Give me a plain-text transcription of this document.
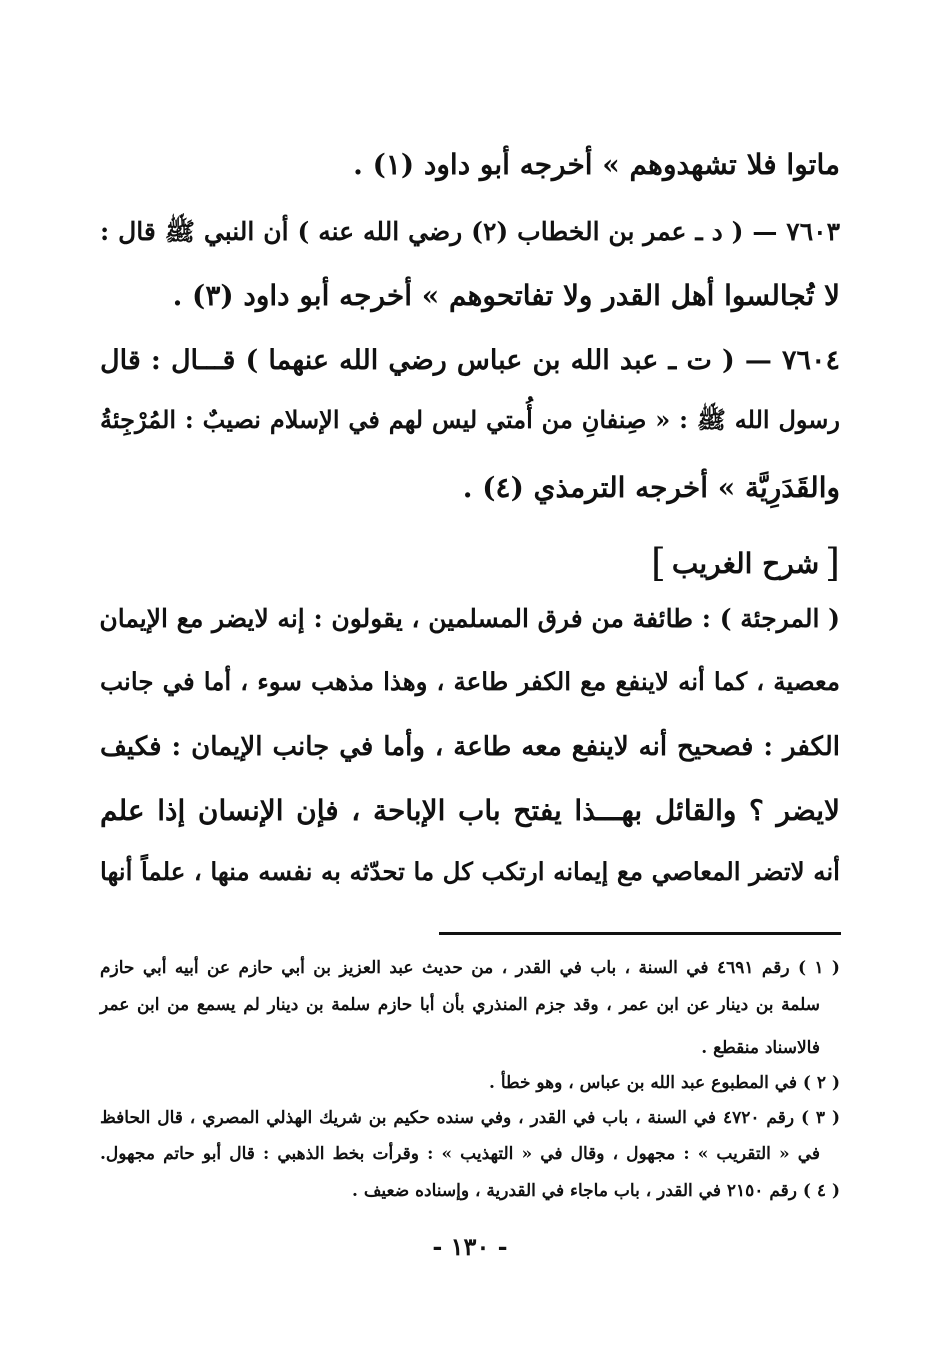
ماتوا فلا تشهدوهم » أخرجه أبو داود (١) .
٧٦٠٣ — ( د ـ عمر بن الخطاب (٢) رضي الله عنه ) أن النبي ﷺ قال :
لا تُجالسوا أهل القدر ولا تفاتحوهم » أخرجه أبو داود (٣) .
٧٦٠٤ — ( ت ـ عبد الله بن عباس رضي الله عنهما ) قـــال : قال
رسول الله ﷺ : « صِنفانِ من أُمتي ليس لهم في الإسلام نصيبٌ : المُرْجِئةُ
والقَدَرِيَّة » أخرجه الترمذي (٤) .
[
شرح الغريب
]
( المرجئة ) : طائفة من فرق المسلمين ، يقولون : إنه لايضر مع الإيمان
معصية ، كما أنه لاينفع مع الكفر طاعة ، وهذا مذهب سوء ، أما في جانب
الكفر : فصحيح أنه لاينفع معه طاعة ، وأما في جانب الإيمان : فكيف
لايضر ؟ والقائل بهـــذا يفتح باب الإباحة ، فإن الإنسان إذا علم
أنه لاتضر المعاصي مع إيمانه ارتكب كل ما تحدّثه به نفسه منها ، علماً أنها
( ١ ) رقم ٤٦٩١ في السنة ، باب في القدر ، من حديث عبد العزيز بن أبي حازم عن أبيه أبي حازم
سلمة بن دينار عن ابن عمر ، وقد جزم المنذري بأن أبا حازم سلمة بن دينار لم يسمع من ابن عمر
فالاسناد منقطع .
( ٢ ) في المطبوع عبد الله بن عباس ، وهو خطأ .
( ٣ ) رقم ٤٧٢٠ في السنة ، باب في القدر ، وفي سنده حكيم بن شريك الهذلي المصري ، قال الحافظ
في « التقريب » : مجهول ، وقال في « التهذيب » : وقرأت بخط الذهبي : قال أبو حاتم مجهول.
( ٤ ) رقم ٢١٥٠ في القدر ، باب ماجاء في القدرية ، وإسناده ضعيف .
- ١٣٠ -
